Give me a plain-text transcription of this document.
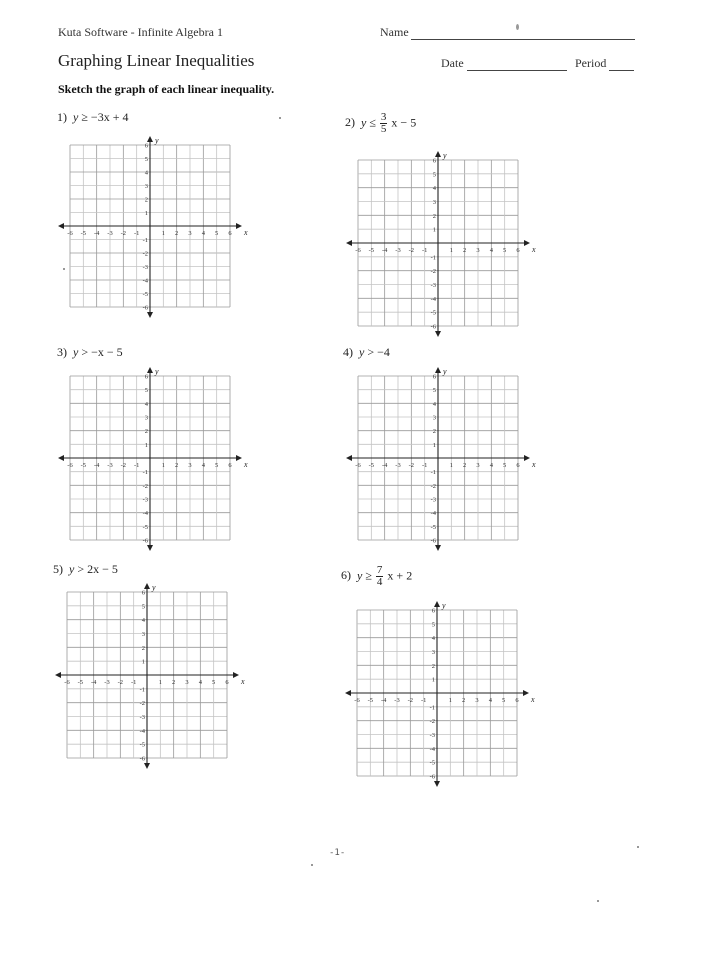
Kuta Software - Infinite Algebra 1	Name
Graphing Linear Inequalities	Date	Period
Sketch the graph of each linear inequality.
1) y ≥ −3x + 4	2) $y \le \frac{3}{5}$ x − 5
3) y > −x − 5	4) y > −4
5) y > 2x − 5	6) $y \ge \frac{7}{4}$ x + 2
-6 -5 -4 -3 -2 -1	1 2 3 4 5 6
6
5
4
3
2
1
-1
-2
-3
-4
-5
-6
x
y
-6 -5 -4 -3 -2 -1	1 2 3 4 5 6
6
5
4
3
2
1
-1
-2
-3
-4
-5
-6
x
y
-6 -5 -4 -3 -2 -1	1 2 3 4 5 6
6
5
4
3
2
1
-1
-2
-3
-4
-5
-6
x
y
-6 -5 -4 -3 -2 -1	1 2 3 4 5 6
6
5
4
3
2
1
-1
-2
-3
-4
-5
-6
x
y
-6 -5 -4 -3 -2 -1	1 2 3 4 5 6
6
5
4
3
2
1
-1
-2
-3
-4
-5
-6
x
y
-6 -5 -4 -3 -2 -1	1 2 3 4 5 6
6
5
4
3
2
1
-1
-2
-3
-4
-5
-6
x
y
-1-
